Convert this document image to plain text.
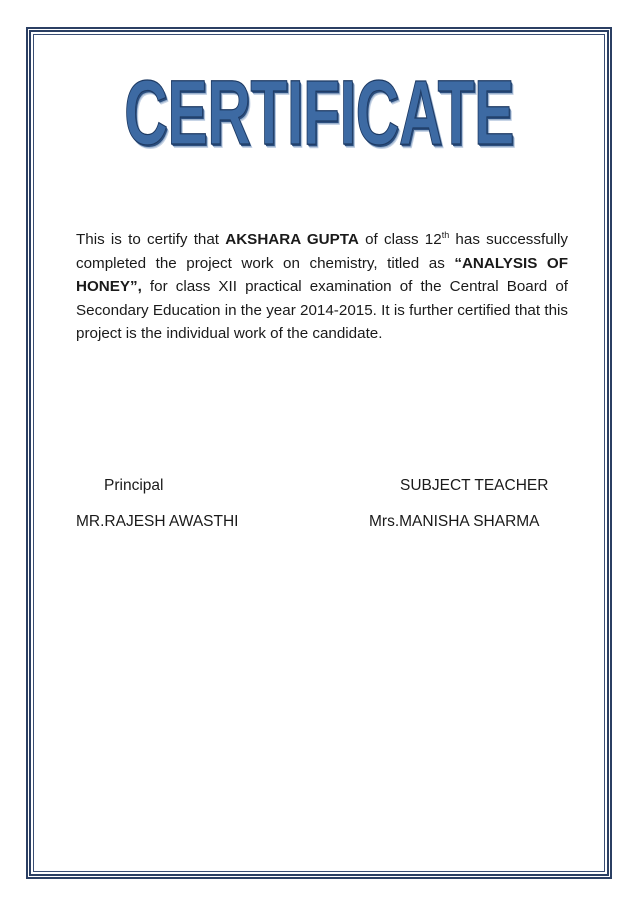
CERTIFICATE
This is to certify that AKSHARA GUPTA of class 12th has successfully completed the project work on chemistry, titled as “ANALYSIS OF HONEY”, for class XII practical examination of the Central Board of Secondary Education in the year 2014-2015. It is further certified that this project is the individual work of the candidate.
Principal	SUBJECT TEACHER
MR.RAJESH AWASTHI	Mrs.MANISHA SHARMA
